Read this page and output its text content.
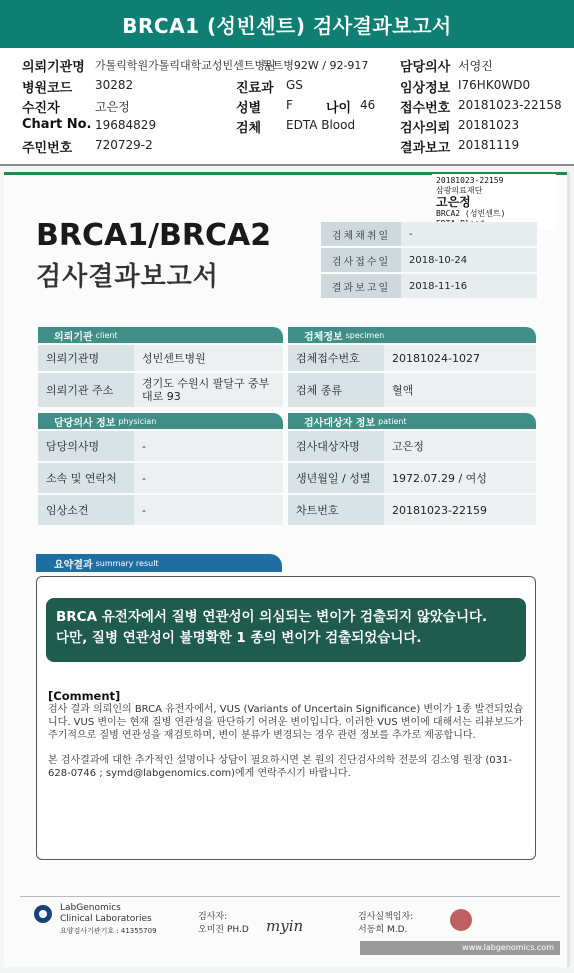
BRCA1 (성빈센트) 검사결과보고서
의뢰기관명 가톨릭학원가톨릭대학교성빈센트병원
동트병92W / 92-917
병원코드 30282	진료과 GS
수진자	고은정	성별 F	나이 46
Chart No. 19684829	검체 EDTA Blood
주민번호 720729-2
담당의사 서영진
임상정보 I76HK0WD0
접수번호 20181023-22158
검사의뢰 20181023
결과보고 20181119
20181023-22159
삼광의료재단
고은정
BRCA2 (성빈센트)
BRCA1/BRCA2
검사결과보고서
검체채취일	-
검사접수일	2018-10-24
결과보고일	2018-11-16
의뢰기관 client	검체정보 specimen
의뢰기관명	성빈센트병원
의뢰기관 주소
경기도 수원시 팔달구 중부대로 93
검체접수번호	20181024-1027
검체 종류	혈액
담당의사 정보 physician	검사대상자 정보 patient
담당의사명	-
소속 및 연락처	-
임상소견	-
검사대상자명	고은정
생년월일 / 성별	1972.07.29 / 여성
차트번호	20181023-22159
요약결과 summary result
BRCA 유전자에서 질병 연관성이 의심되는 변이가 검출되지 않았습니다.
다만, 질병 연관성이 불명확한 1 종의 변이가 검출되었습니다.
[Comment]

검사 결과 의뢰인의 BRCA 유전자에서, VUS (Variants of Uncertain Significance) 변이가 1종 발견되었습니다. VUS 변이는 현재 질병 연관성을 판단하기 어려운 변이입니다. 이러한 VUS 변이에 대해서는 리뷰보드가 주기적으로 질병 연관성을 재검토하며, 변이 분류가 변경되는 경우 관련 정보를 추가로 제공합니다.

본 검사결과에 대한 추가적인 설명이나 상담이 필요하시면 본 원의 진단검사의학 전문의 김소영 원장 (031-628-0746 ; symd@labgenomics.com)에게 연락주시기 바랍니다.

LabGenomics
Clinical Laboratories
요양검사기관기호 : 41355709
검사자:
오미진 PH.D myin	검사실책임자:
서동희 M.D.
www.labgenomics.com
